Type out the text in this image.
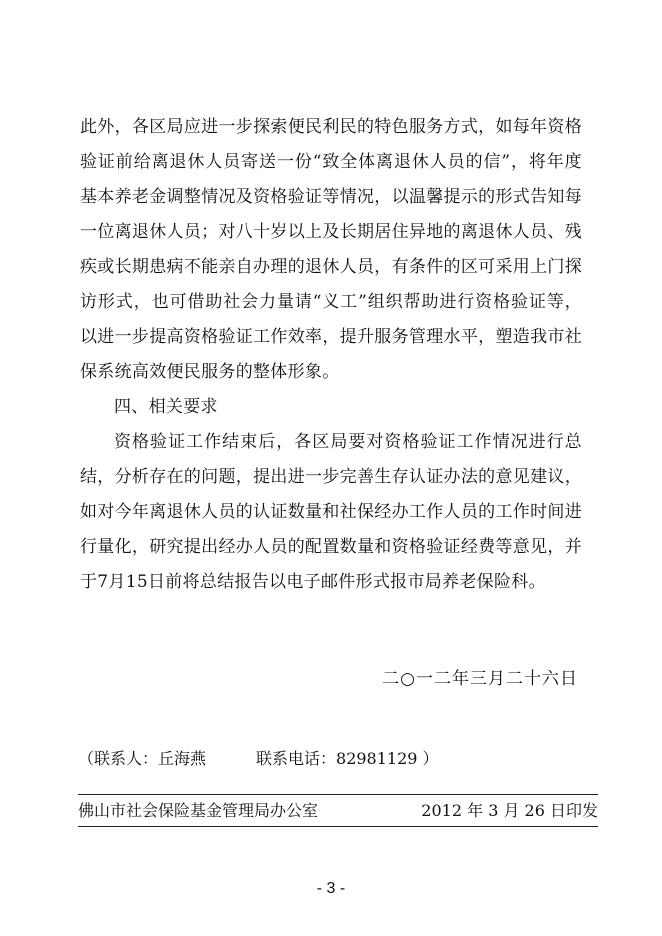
此外，各区局应进一步探索便民利民的特色服务方式，如每年资格验证前给离退休人员寄送一份“致全体离退休人员的信”，将年度基本养老金调整情况及资格验证等情况，以温馨提示的形式告知每一位离退休人员；对八十岁以上及长期居住异地的离退休人员、残疾或长期患病不能亲自办理的退休人员，有条件的区可采用上门探访形式，也可借助社会力量请“义工”组织帮助进行资格验证等，以进一步提高资格验证工作效率，提升服务管理水平，塑造我市社保系统高效便民服务的整体形象。

四、相关要求

资格验证工作结束后，各区局要对资格验证工作情况进行总结，分析存在的问题，提出进一步完善生存认证办法的意见建议，如对今年离退休人员的认证数量和社保经办工作人员的工作时间进行量化，研究提出经办人员的配置数量和资格验证经费等意见，并于7月15日前将总结报告以电子邮件形式报市局养老保险科。

二○一二年三月二十六日
（联系人：丘海燕	联系电话：82981129 ）
佛山市社会保险基金管理局办公室	2012 年 3 月 26 日印发
- 3 -
